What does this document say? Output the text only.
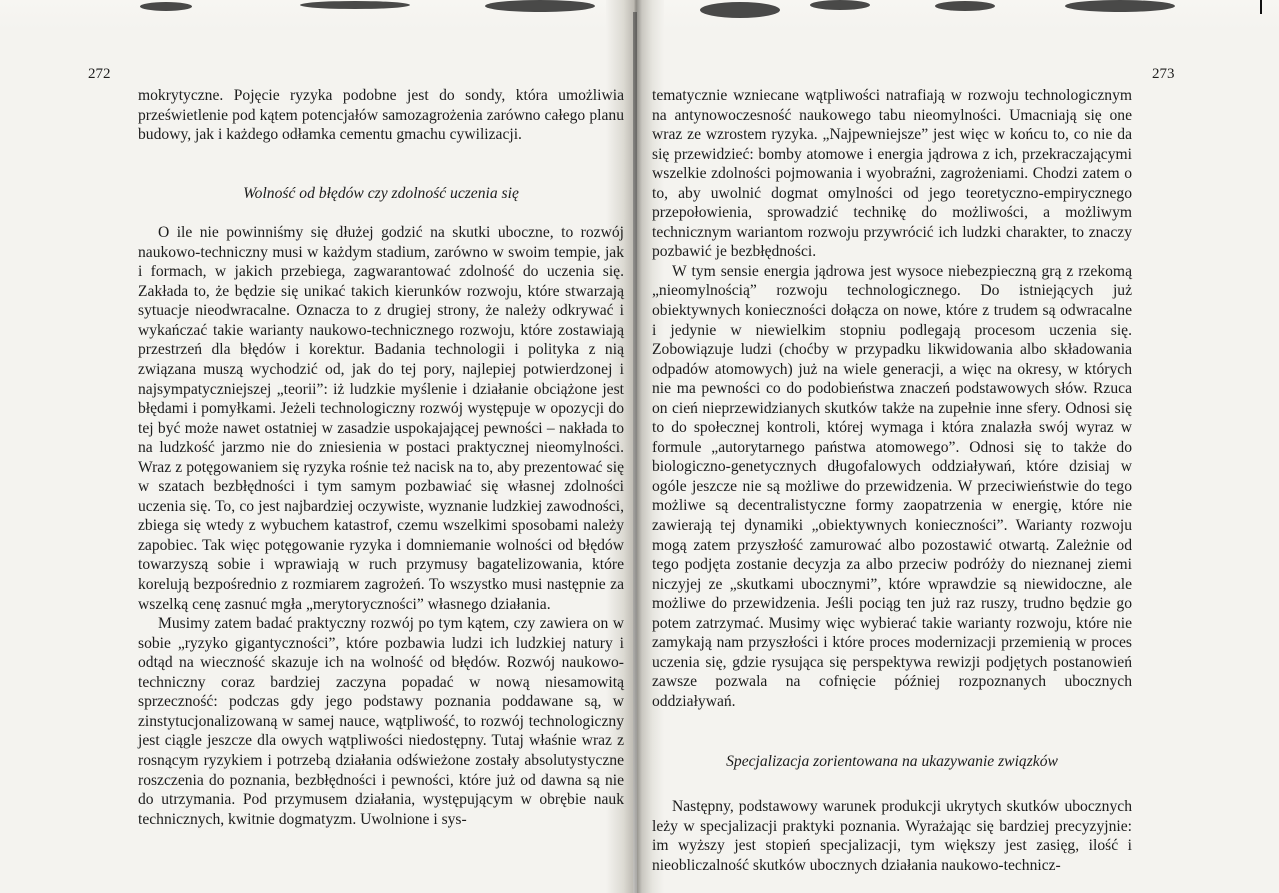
272	273

mokrytyczne. Pojęcie ryzyka podobne jest do sondy, która umożliwia prześwietlenie pod kątem potencjałów samozagrożenia zarówno całego planu budowy, jak i każdego odłamka cementu gmachu cywilizacji.

Wolność od błędów czy zdolność uczenia się

O ile nie powinniśmy się dłużej godzić na skutki uboczne, to rozwój naukowo-techniczny musi w każdym stadium, zarówno w swoim tempie, jak i formach, w jakich przebiega, zagwarantować zdolność do uczenia się. Zakłada to, że będzie się unikać takich kierunków rozwoju, które stwarzają sytuacje nieodwracalne. Oznacza to z drugiej strony, że należy odkrywać i wykańczać takie warianty naukowo-technicznego rozwoju, które zostawiają przestrzeń dla błędów i korektur. Badania technologii i polityka z nią związana muszą wychodzić od, jak do tej pory, najlepiej potwierdzonej i najsympatyczniejszej „teorii”: iż ludzkie myślenie i działanie obciążone jest błędami i pomyłkami. Jeżeli technologiczny rozwój występuje w opozycji do tej być może nawet ostatniej w zasadzie uspokajającej pewności – nakłada to na ludzkość jarzmo nie do zniesienia w postaci praktycznej nieomylności. Wraz z potęgowaniem się ryzyka rośnie też nacisk na to, aby prezentować się w szatach bezbłędności i tym samym pozbawiać się własnej zdolności uczenia się. To, co jest najbardziej oczywiste, wyznanie ludzkiej zawodności, zbiega się wtedy z wybuchem katastrof, czemu wszelkimi sposobami należy zapobiec. Tak więc potęgowanie ryzyka i domniemanie wolności od błędów towarzyszą sobie i wprawiają w ruch przymusy bagatelizowania, które korelują bezpośrednio z rozmiarem zagrożeń. To wszystko musi następnie za wszelką cenę zasnuć mgła „merytoryczności” własnego działania.

Musimy zatem badać praktyczny rozwój po tym kątem, czy zawiera on w sobie „ryzyko gigantyczności”, które pozbawia ludzi ich ludzkiej natury i odtąd na wieczność skazuje ich na wolność od błędów. Rozwój naukowo-techniczny coraz bardziej zaczyna popadać w nową niesamowitą sprzeczność: podczas gdy jego podstawy poznania poddawane są, w zinstytucjonalizowaną w samej nauce, wątpliwość, to rozwój technologiczny jest ciągle jeszcze dla owych wątpliwości niedostępny. Tutaj właśnie wraz z rosnącym ryzykiem i potrzebą działania odświeżone zostały absolutystyczne roszczenia do poznania, bezbłędności i pewności, które już od dawna są nie do utrzymania. Pod przymusem działania, występującym w obrębie nauk technicznych, kwitnie dogmatyzm. Uwolnione i sys-

tematycznie wzniecane wątpliwości natrafiają w rozwoju technologicznym na antynowoczesność naukowego tabu nieomylności. Umacniają się one wraz ze wzrostem ryzyka. „Najpewniejsze” jest więc w końcu to, co nie da się przewidzieć: bomby atomowe i energia jądrowa z ich, przekraczającymi wszelkie zdolności pojmowania i wyobraźni, zagrożeniami. Chodzi zatem o to, aby uwolnić dogmat omylności od jego teoretyczno-empirycznego przepołowienia, sprowadzić technikę do możliwości, a możliwym technicznym wariantom rozwoju przywrócić ich ludzki charakter, to znaczy pozbawić je bezbłędności.

W tym sensie energia jądrowa jest wysoce niebezpieczną grą z rzekomą „nieomylnością” rozwoju technologicznego. Do istniejących już obiektywnych konieczności dołącza on nowe, które z trudem są odwracalne i jedynie w niewielkim stopniu podlegają procesom uczenia się. Zobowiązuje ludzi (choćby w przypadku likwidowania albo składowania odpadów atomowych) już na wiele generacji, a więc na okresy, w których nie ma pewności co do podobieństwa znaczeń podstawowych słów. Rzuca on cień nieprzewidzianych skutków także na zupełnie inne sfery. Odnosi się to do społecznej kontroli, której wymaga i która znalazła swój wyraz w formule „autorytarnego państwa atomowego”. Odnosi się to także do biologiczno-genetycznych długofalowych oddziaływań, które dzisiaj w ogóle jeszcze nie są możliwe do przewidzenia. W przeciwieństwie do tego możliwe są decentralistyczne formy zaopatrzenia w energię, które nie zawierają tej dynamiki „obiektywnych konieczności”. Warianty rozwoju mogą zatem przyszłość zamurować albo pozostawić otwartą. Zależnie od tego podjęta zostanie decyzja za albo przeciw podróży do nieznanej ziemi niczyjej ze „skutkami ubocznymi”, które wprawdzie są niewidoczne, ale możliwe do przewidzenia. Jeśli pociąg ten już raz ruszy, trudno będzie go potem zatrzymać. Musimy więc wybierać takie warianty rozwoju, które nie zamykają nam przyszłości i które proces modernizacji przemienią w proces uczenia się, gdzie rysująca się perspektywa rewizji podjętych postanowień zawsze pozwala na cofnięcie później rozpoznanych ubocznych oddziaływań.

Specjalizacja zorientowana na ukazywanie związków

Następny, podstawowy warunek produkcji ukrytych skutków ubocznych leży w specjalizacji praktyki poznania. Wyrażając się bardziej precyzyjnie: im wyższy jest stopień specjalizacji, tym większy jest zasięg, ilość i nieobliczalność skutków ubocznych działania naukowo-technicz-
